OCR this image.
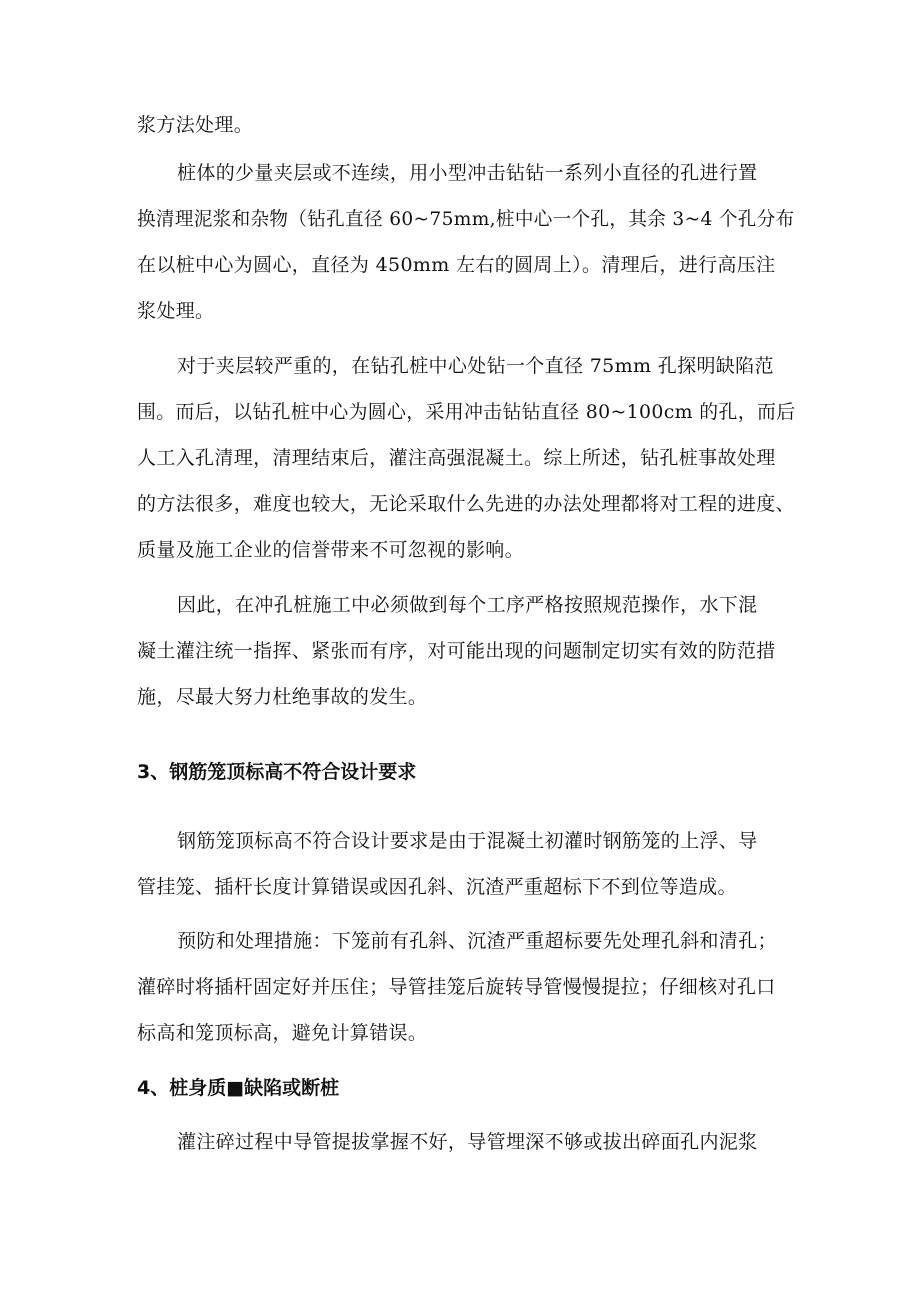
浆方法处理。
桩体的少量夹层或不连续，用小型冲击钻钻一系列小直径的孔进行置
换清理泥浆和杂物（钻孔直径 60~75mm,桩中心一个孔，其余 3~4 个孔分布
在以桩中心为圆心，直径为 450mm 左右的圆周上）。清理后，进行高压注
浆处理。
对于夹层较严重的，在钻孔桩中心处钻一个直径 75mm 孔探明缺陷范
围。而后，以钻孔桩中心为圆心，采用冲击钻钻直径 80~100cm 的孔，而后
人工入孔清理，清理结束后，灌注高强混凝土。综上所述，钻孔桩事故处理
的方法很多，难度也较大，无论采取什么先进的办法处理都将对工程的进度、
质量及施工企业的信誉带来不可忽视的影响。
因此，在冲孔桩施工中必须做到每个工序严格按照规范操作，水下混
凝土灌注统一指挥、紧张而有序，对可能出现的问题制定切实有效的防范措
施，尽最大努力杜绝事故的发生。
3、钢筋笼顶标高不符合设计要求
钢筋笼顶标高不符合设计要求是由于混凝土初灌时钢筋笼的上浮、导
管挂笼、插杆长度计算错误或因孔斜、沉渣严重超标下不到位等造成。
预防和处理措施：下笼前有孔斜、沉渣严重超标要先处理孔斜和清孔；
灌碎时将插杆固定好并压住；导管挂笼后旋转导管慢慢提拉；仔细核对孔口
标高和笼顶标高，避免计算错误。
4、桩身质■缺陷或断桩
灌注碎过程中导管提拔掌握不好，导管埋深不够或拔出碎面孔内泥浆
